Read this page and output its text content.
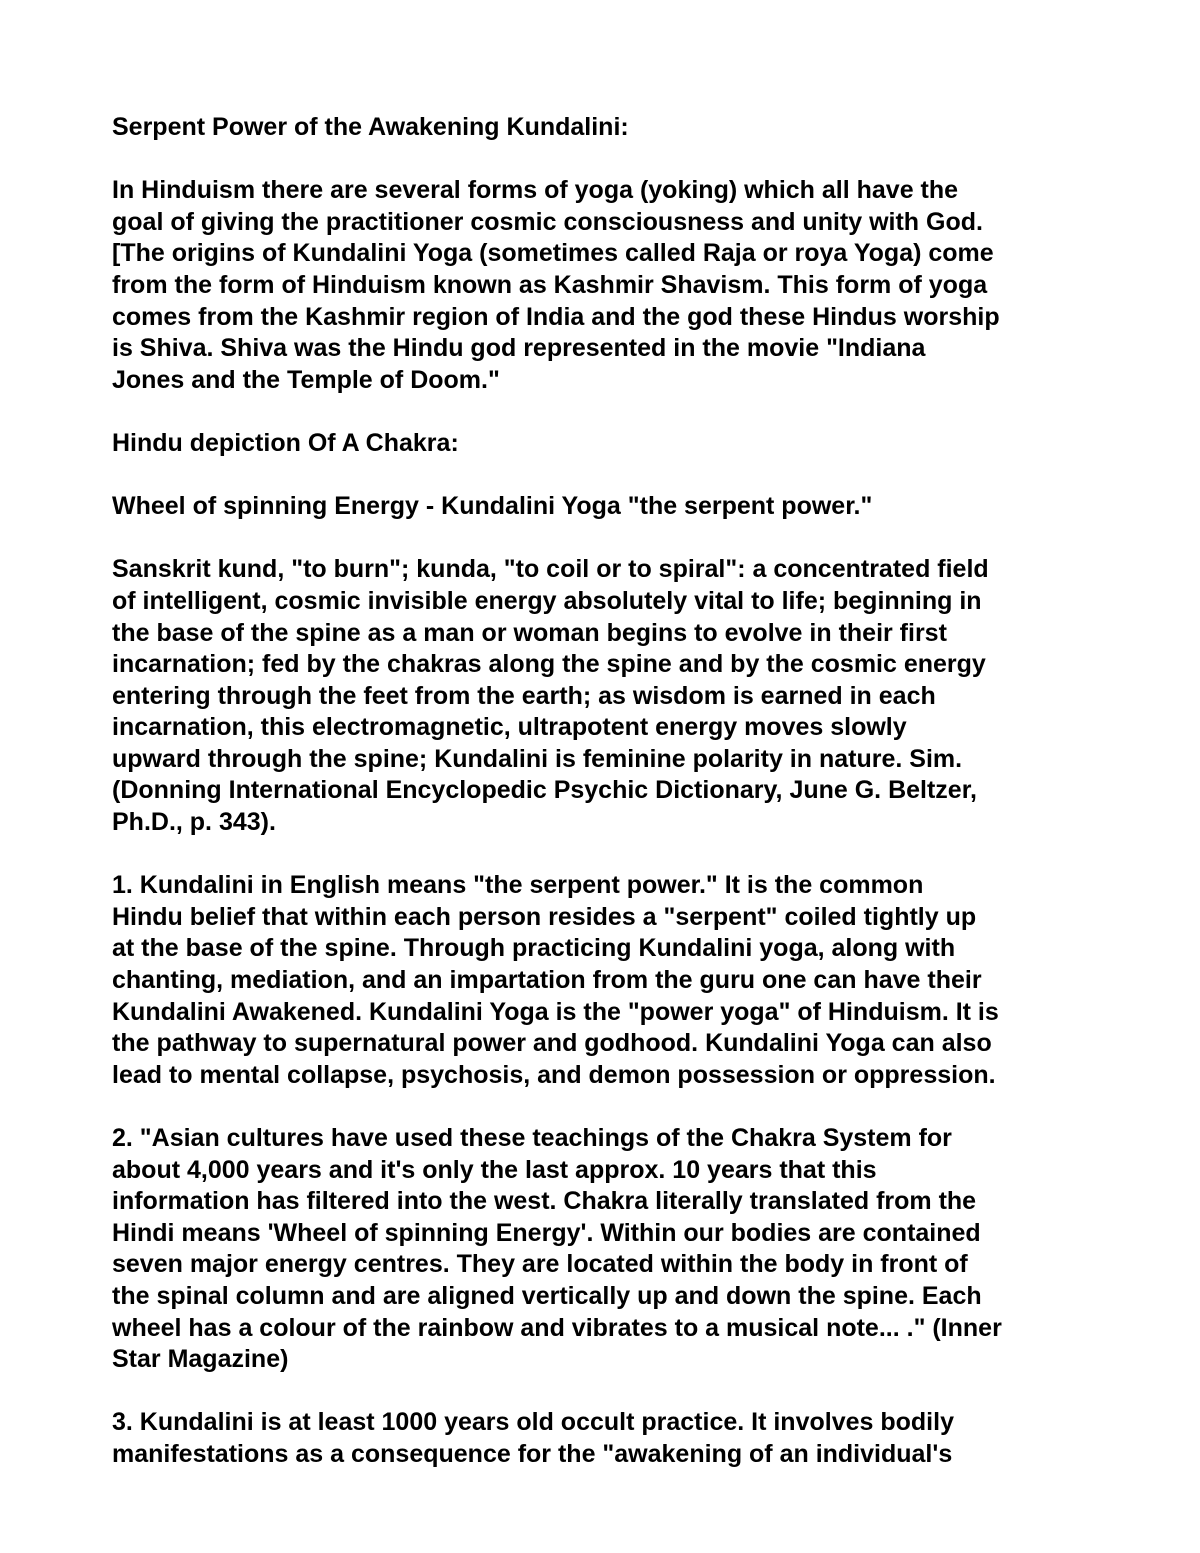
Serpent Power of the Awakening Kundalini:

In Hinduism there are several forms of yoga (yoking) which all have the
goal of giving the practitioner cosmic consciousness and unity with God.
[The origins of Kundalini Yoga (sometimes called Raja or roya Yoga) come
from the form of Hinduism known as Kashmir Shavism. This form of yoga
comes from the Kashmir region of India and the god these Hindus worship
is Shiva. Shiva was the Hindu god represented in the movie "Indiana
Jones and the Temple of Doom."

Hindu depiction Of A Chakra:

Wheel of spinning Energy - Kundalini Yoga "the serpent power."

Sanskrit kund, "to burn"; kunda, "to coil or to spiral": a concentrated field
of intelligent, cosmic invisible energy absolutely vital to life; beginning in
the base of the spine as a man or woman begins to evolve in their first
incarnation; fed by the chakras along the spine and by the cosmic energy
entering through the feet from the earth; as wisdom is earned in each
incarnation, this electromagnetic, ultrapotent energy moves slowly
upward through the spine; Kundalini is feminine polarity in nature. Sim.
(Donning International Encyclopedic Psychic Dictionary, June G. Beltzer,
Ph.D., p. 343).

1. Kundalini in English means "the serpent power." It is the common
Hindu belief that within each person resides a "serpent" coiled tightly up
at the base of the spine. Through practicing Kundalini yoga, along with
chanting, mediation, and an impartation from the guru one can have their
Kundalini Awakened. Kundalini Yoga is the "power yoga" of Hinduism. It is
the pathway to supernatural power and godhood. Kundalini Yoga can also
lead to mental collapse, psychosis, and demon possession or oppression.

2. "Asian cultures have used these teachings of the Chakra System for
about 4,000 years and it's only the last approx. 10 years that this
information has filtered into the west. Chakra literally translated from the
Hindi means 'Wheel of spinning Energy'. Within our bodies are contained
seven major energy centres. They are located within the body in front of
the spinal column and are aligned vertically up and down the spine. Each
wheel has a colour of the rainbow and vibrates to a musical note... ." (Inner
Star Magazine)

3. Kundalini is at least 1000 years old occult practice. It involves bodily
manifestations as a consequence for the "awakening of an individual's
